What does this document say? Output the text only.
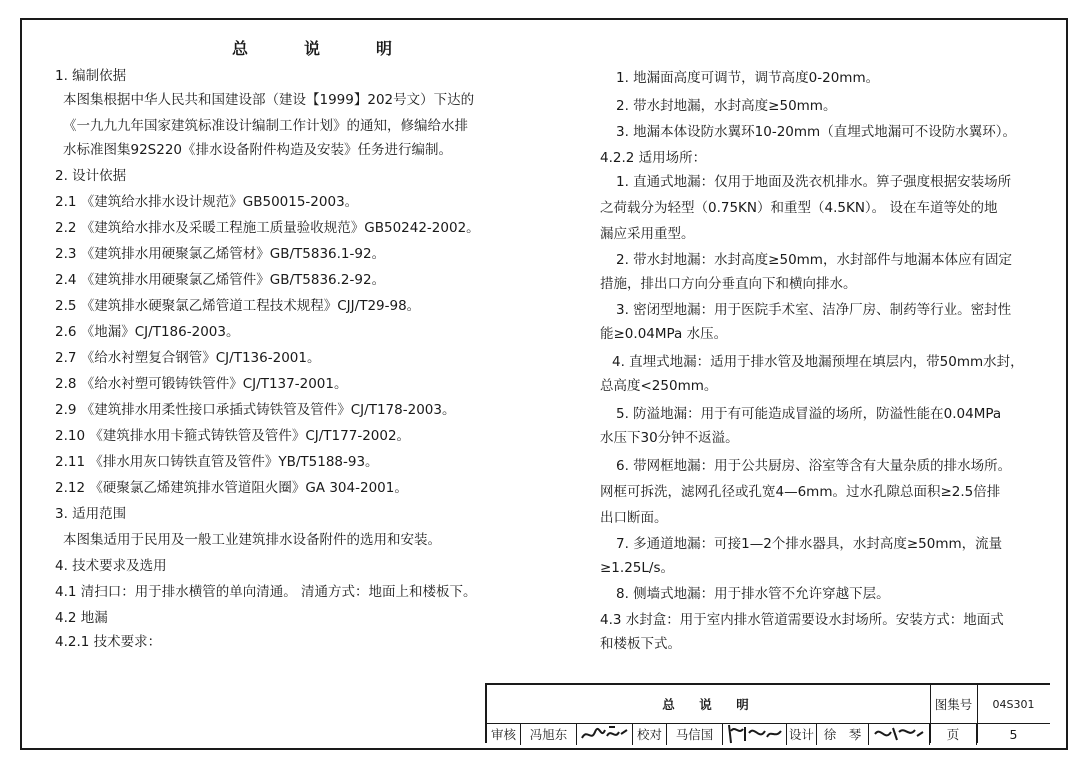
总　说　明
1. 编制依据
本图集根据中华人民共和国建设部（建设【1999】202号文）下达的
《一九九九年国家建筑标准设计编制工作计划》的通知，修编给水排
水标准图集92S220《排水设备附件构造及安装》任务进行编制。
2. 设计依据
2.1 《建筑给水排水设计规范》GB50015-2003。
2.2 《建筑给水排水及采暖工程施工质量验收规范》GB50242-2002。
2.3 《建筑排水用硬聚氯乙烯管材》GB/T5836.1-92。
2.4 《建筑排水用硬聚氯乙烯管件》GB/T5836.2-92。
2.5 《建筑排水硬聚氯乙烯管道工程技术规程》CJJ/T29-98。
2.6 《地漏》CJ/T186-2003。
2.7 《给水衬塑复合钢管》CJ/T136-2001。
2.8 《给水衬塑可锻铸铁管件》CJ/T137-2001。
2.9 《建筑排水用柔性接口承插式铸铁管及管件》CJ/T178-2003。
2.10 《建筑排水用卡箍式铸铁管及管件》CJ/T177-2002。
2.11 《排水用灰口铸铁直管及管件》YB/T5188-93。
2.12 《硬聚氯乙烯建筑排水管道阻火圈》GA 304-2001。
3. 适用范围
本图集适用于民用及一般工业建筑排水设备附件的选用和安装。
4. 技术要求及选用
4.1 清扫口：用于排水横管的单向清通。 清通方式：地面上和楼板下。
4.2 地漏
4.2.1 技术要求：
1. 地漏面高度可调节，调节高度0-20mm。
2. 带水封地漏，水封高度≥50mm。
3. 地漏本体设防水翼环10-20mm（直埋式地漏可不设防水翼环）。
4.2.2 适用场所：
1. 直通式地漏：仅用于地面及洗衣机排水。箅子强度根据安装场所
之荷载分为轻型（0.75KN）和重型（4.5KN）。 设在车道等处的地
漏应采用重型。
2. 带水封地漏：水封高度≥50mm，水封部件与地漏本体应有固定
措施，排出口方向分垂直向下和横向排水。
3. 密闭型地漏：用于医院手术室、洁净厂房、制药等行业。密封性
能≥0.04MPa 水压。
4. 直埋式地漏：适用于排水管及地漏预埋在填层内，带50mm水封，
总高度<250mm。
5. 防溢地漏：用于有可能造成冒溢的场所，防溢性能在0.04MPa
水压下30分钟不返溢。
6. 带网框地漏：用于公共厨房、浴室等含有大量杂质的排水场所。
网框可拆洗，滤网孔径或孔宽4—6mm。过水孔隙总面积≥2.5倍排
出口断面。
7. 多通道地漏：可接1—2个排水器具，水封高度≥50mm，流量
≥1.25L/s。
8. 侧墙式地漏：用于排水管不允许穿越下层。
4.3 水封盒：用于室内排水管道需要设水封场所。安装方式：地面式
和楼板下式。
总　说　明	图集号	04S301
审核	冯旭东	校对	马信国	设计 徐　琴	页	5
